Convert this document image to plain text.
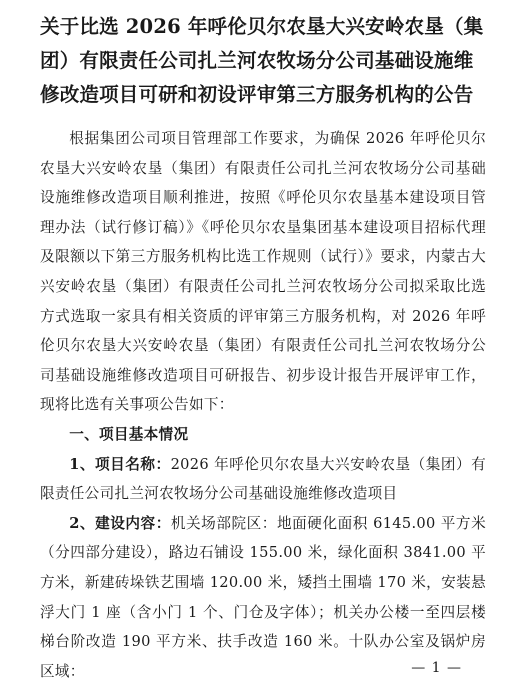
关于比选 2026 年呼伦贝尔农垦大兴安岭农垦（集
团）有限责任公司扎兰河农牧场分公司基础设施维
修改造项目可研和初设评审第三方服务机构的公告

根据集团公司项目管理部工作要求，为确保 2026 年呼伦贝尔农垦大兴安岭农垦（集团）有限责任公司扎兰河农牧场分公司基础设施维修改造项目顺利推进，按照《呼伦贝尔农垦基本建设项目管理办法（试行修订稿）》《呼伦贝尔农垦集团基本建设项目招标代理及限额以下第三方服务机构比选工作规则（试行）》要求，内蒙古大兴安岭农垦（集团）有限责任公司扎兰河农牧场分公司拟采取比选方式选取一家具有相关资质的评审第三方服务机构，对 2026 年呼伦贝尔农垦大兴安岭农垦（集团）有限责任公司扎兰河农牧场分公司基础设施维修改造项目可研报告、初步设计报告开展评审工作，现将比选有关事项公告如下：

一、项目基本情况

1、项目名称：2026 年呼伦贝尔农垦大兴安岭农垦（集团）有限责任公司扎兰河农牧场分公司基础设施维修改造项目

2、建设内容：机关场部院区：地面硬化面积 6145.00 平方米（分四部分建设），路边石铺设 155.00 米，绿化面积 3841.00 平方米，新建砖垛铁艺围墙 120.00 米，矮挡土围墙 170 米，安装悬浮大门 1 座（含小门 1 个、门仓及字体）；机关办公楼一至四层楼梯台阶改造 190 平方米、扶手改造 160 米。十队办公室及锅炉房区域：	— 1 —
